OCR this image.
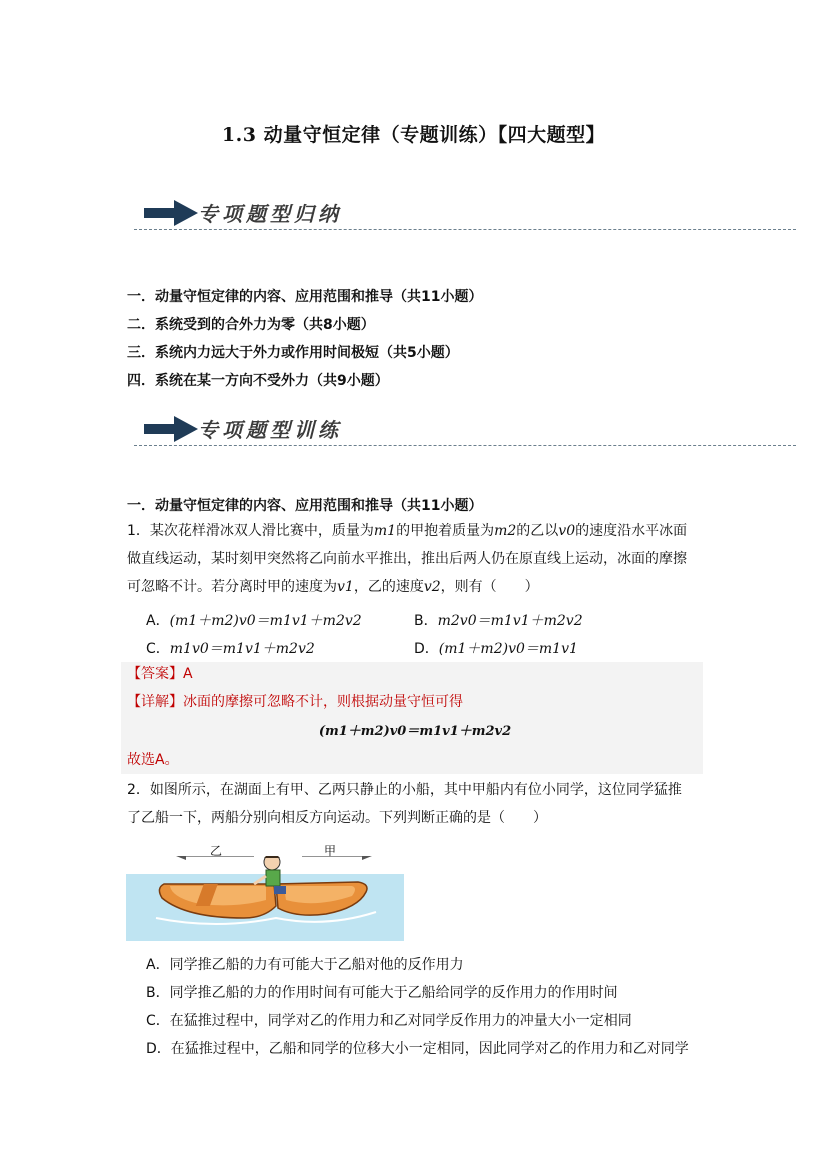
1.3 动量守恒定律（专题训练）【四大题型】
专项题型归纳
一．动量守恒定律的内容、应用范围和推导（共11小题）
二．系统受到的合外力为零（共8小题）
三．系统内力远大于外力或作用时间极短（共5小题）
四．系统在某一方向不受外力（共9小题）
专项题型训练
一．动量守恒定律的内容、应用范围和推导（共11小题）
1．某次花样滑冰双人滑比赛中，质量为m1的甲抱着质量为m2的乙以v0的速度沿水平冰面
做直线运动，某时刻甲突然将乙向前水平推出，推出后两人仍在原直线上运动，冰面的摩擦
可忽略不计。若分离时甲的速度为v1，乙的速度v2，则有（　　）
A．(m1＋m2)v0＝m1v1＋m2v2	B．m2v0＝m1v1＋m2v2
C．m1v0＝m1v1＋m2v2	D．(m1＋m2)v0＝m1v1
【答案】A
【详解】冰面的摩擦可忽略不计，则根据动量守恒可得
(m1＋m2)v0＝m1v1＋m2v2
故选A。
2．如图所示，在湖面上有甲、乙两只静止的小船，其中甲船内有位小同学，这位同学猛推
了乙船一下，两船分别向相反方向运动。下列判断正确的是（　　）
乙	甲
A．同学推乙船的力有可能大于乙船对他的反作用力
B．同学推乙船的力的作用时间有可能大于乙船给同学的反作用力的作用时间
C．在猛推过程中，同学对乙的作用力和乙对同学反作用力的冲量大小一定相同
D．在猛推过程中，乙船和同学的位移大小一定相同，因此同学对乙的作用力和乙对同学
